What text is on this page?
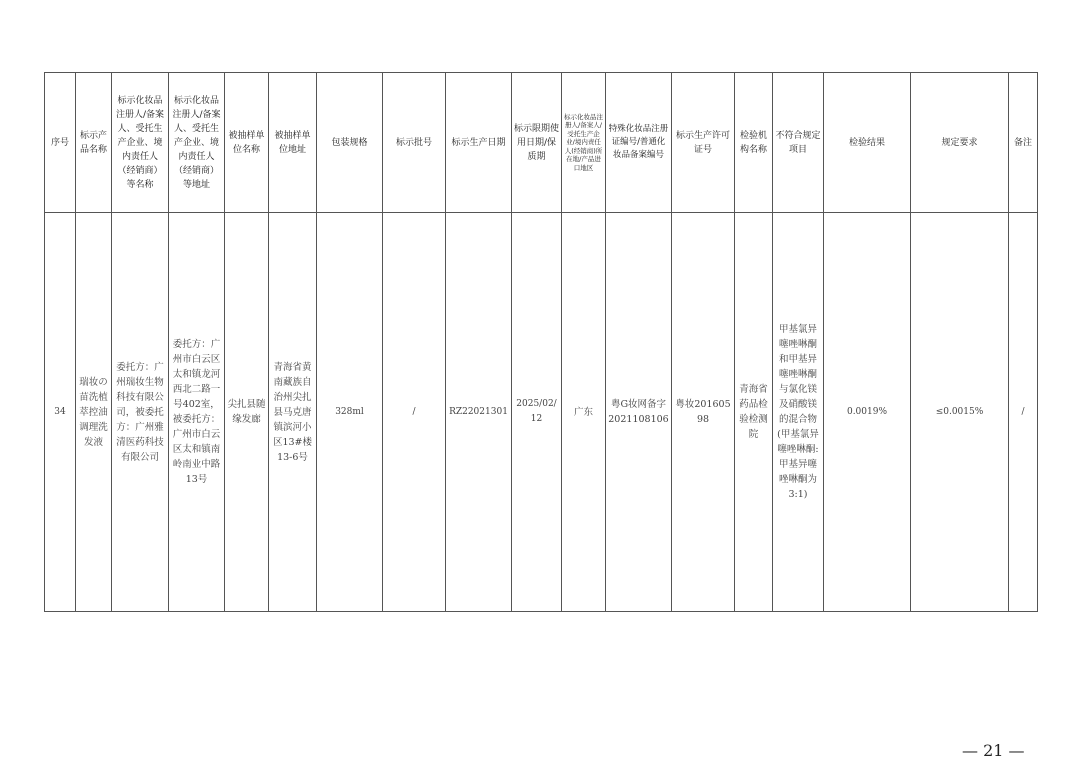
序号	标示产品名称	标示化妆品注册人/备案人、受托生产企业、境内责任人（经销商）等名称	标示化妆品注册人/备案人、受托生产企业、境内责任人（经销商）等地址	被抽样单位名称	被抽样单位地址	包装规格	标示批号	标示生产日期	标示限期使用日期/保质期	标示化妆品注册人/备案人/受托生产企业/境内责任人(经销商)所在地/产品进口地区	特殊化妆品注册证编号/普通化妆品备案编号	标示生产许可证号	检验机构名称	不符合规定项目	检验结果	规定要求	备注
34	瑞妆の苗洗植萃控油调理洗发液	委托方：广州瑞妆生物科技有限公司，被委托方：广州雅清医药科技有限公司	委托方：广州市白云区太和镇龙河西北二路一号402室，被委托方：广州市白云区太和镇南岭南业中路13号	尖扎县随缘发廊	青海省黄南藏族自治州尖扎县马克唐镇滨河小区13#楼13-6号	328ml	/	RZ22021301	2025/02/12	广东	粤G妆网备字2021108106	粤妆20160598	青海省药品检验检测院	甲基氯异噻唑啉酮和甲基异噻唑啉酮与氯化镁及硝酸镁的混合物(甲基氯异噻唑啉酮:甲基异噻唑啉酮为3:1)	0.0019%	≤0.0015%	/
— 21 —
